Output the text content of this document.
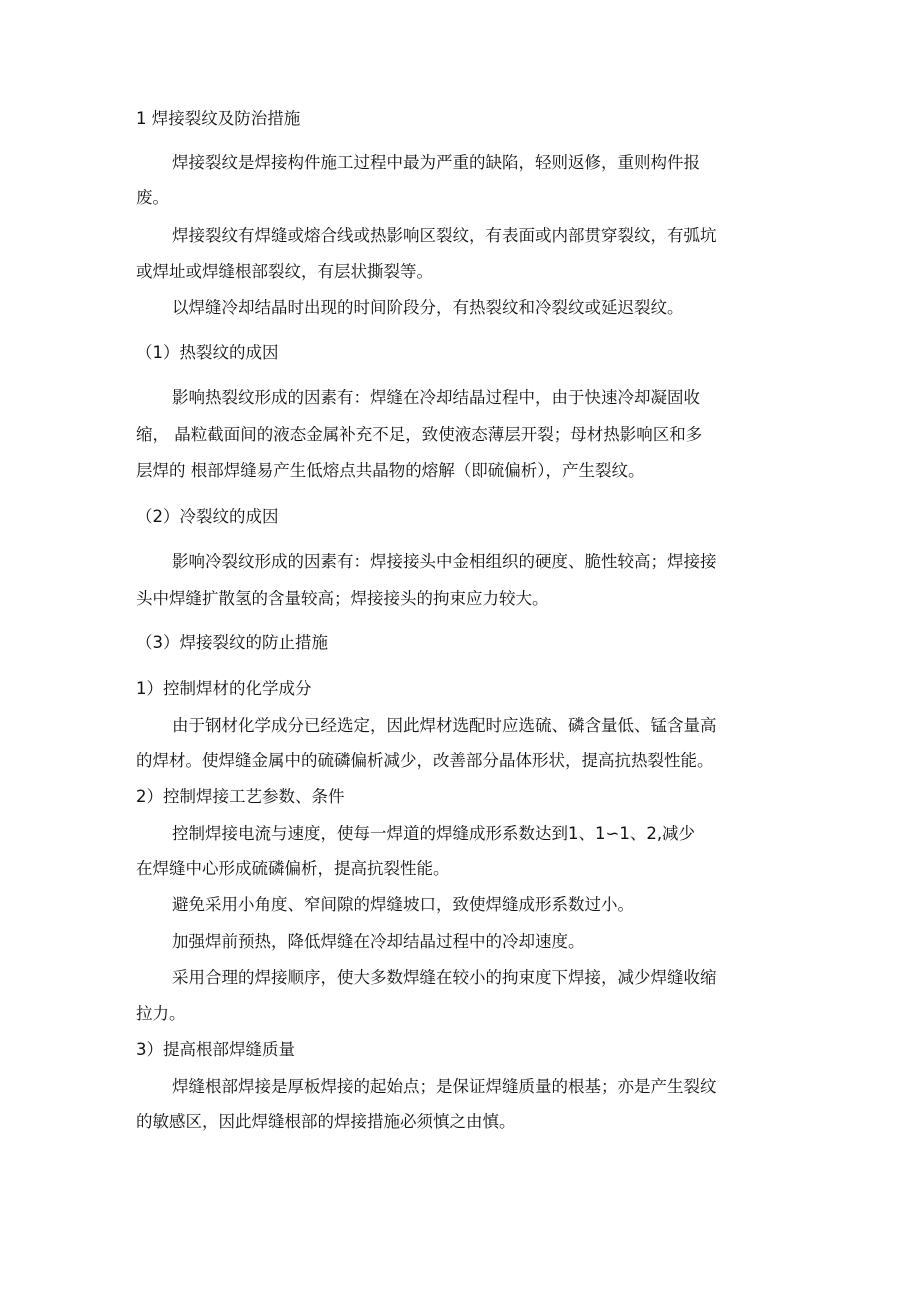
1 焊接裂纹及防治措施
焊接裂纹是焊接构件施工过程中最为严重的缺陷，轻则返修，重则构件报
废。
焊接裂纹有焊缝或熔合线或热影响区裂纹，有表面或内部贯穿裂纹，有弧坑
或焊址或焊缝根部裂纹，有层状撕裂等。
以焊缝冷却结晶时出现的时间阶段分，有热裂纹和冷裂纹或延迟裂纹。
（1）热裂纹的成因
影响热裂纹形成的因素有：焊缝在冷却结晶过程中，由于快速冷却凝固收
缩， 晶粒截面间的液态金属补充不足，致使液态薄层开裂；母材热影响区和多
层焊的 根部焊缝易产生低熔点共晶物的熔解（即硫偏析），产生裂纹。
（2）冷裂纹的成因
影响冷裂纹形成的因素有：焊接接头中金相组织的硬度、脆性较高；焊接接
头中焊缝扩散氢的含量较高；焊接接头的拘束应力较大。
（3）焊接裂纹的防止措施
1）控制焊材的化学成分
由于钢材化学成分已经选定，因此焊材选配时应选硫、磷含量低、锰含量高
的焊材。使焊缝金属中的硫磷偏析减少，改善部分晶体形状，提高抗热裂性能。
2）控制焊接工艺参数、条件
控制焊接电流与速度，使每一焊道的焊缝成形系数达到1、1∽1、2,减少
在焊缝中心形成硫磷偏析，提高抗裂性能。
避免采用小角度、窄间隙的焊缝坡口，致使焊缝成形系数过小。
加强焊前预热，降低焊缝在冷却结晶过程中的冷却速度。
采用合理的焊接顺序，使大多数焊缝在较小的拘束度下焊接，减少焊缝收缩
拉力。
3）提高根部焊缝质量
焊缝根部焊接是厚板焊接的起始点；是保证焊缝质量的根基；亦是产生裂纹
的敏感区，因此焊缝根部的焊接措施必须慎之由慎。
